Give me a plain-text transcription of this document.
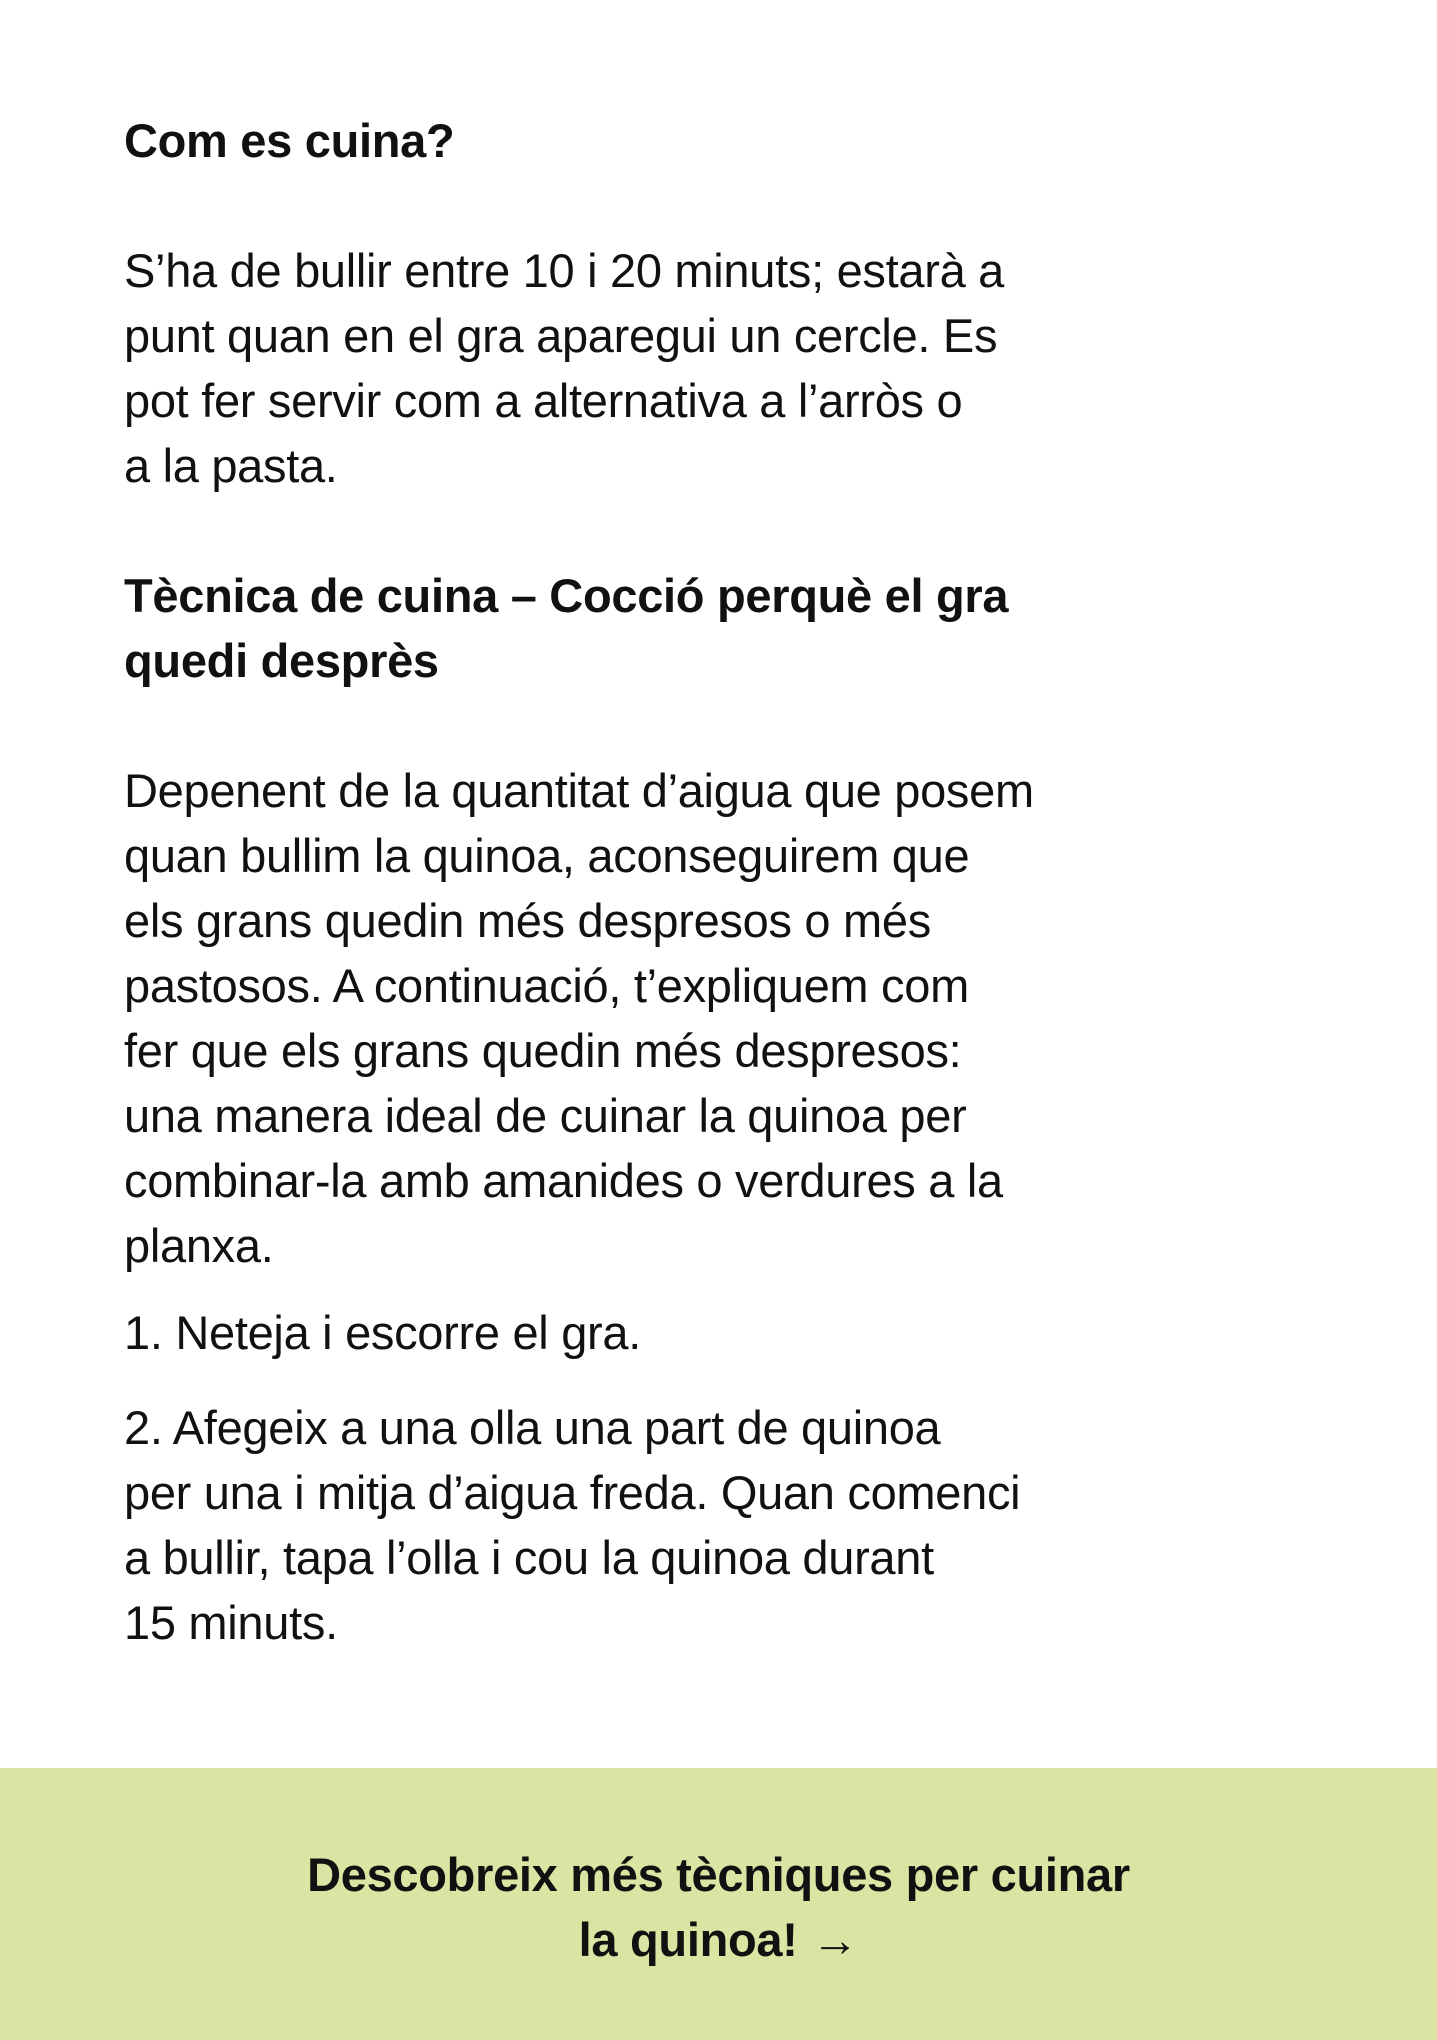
Com es cuina?

S’ha de bullir entre 10 i 20 minuts; estarà a
punt quan en el gra aparegui un cercle. Es
pot fer servir com a alternativa a l’arròs o
a la pasta.

Tècnica de cuina – Cocció perquè el gra
quedi desprès

Depenent de la quantitat d’aigua que posem
quan bullim la quinoa, aconseguirem que
els grans quedin més despresos o més
pastosos. A continuació, t’expliquem com
fer que els grans quedin més despresos:
una manera ideal de cuinar la quinoa per
combinar-la amb amanides o verdures a la
planxa.

1. Neteja i escorre el gra.

2. Afegeix a una olla una part de quinoa
per una i mitja d’aigua freda. Quan comenci
a bullir, tapa l’olla i cou la quinoa durant
15 minuts.

Descobreix més tècniques per cuinar
la quinoa! →
